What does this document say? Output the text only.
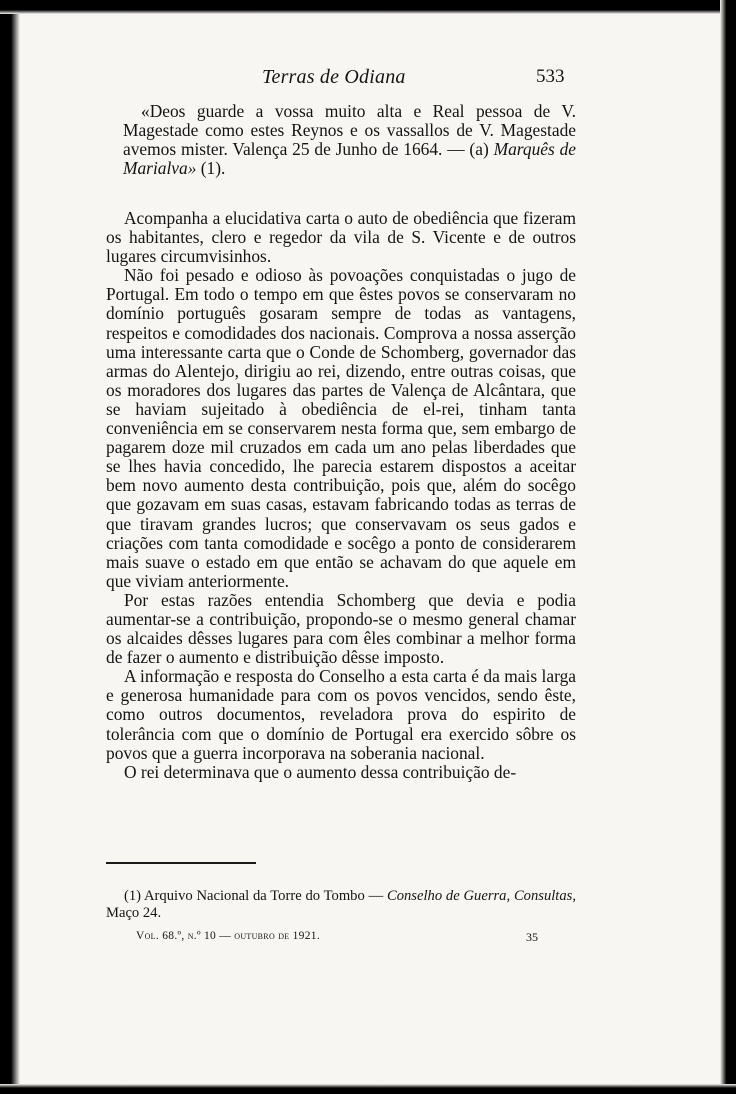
Terras de Odiana	533

«Deos guarde a vossa muito alta e Real pessoa de V. Magestade como estes Reynos e os vassallos de V. Magestade avemos mister. Valença 25 de Junho de 1664. — (a) Marquês de Marialva» (1).

Acompanha a elucidativa carta o auto de obediência que fizeram os habitantes, clero e regedor da vila de S. Vicente e de outros lugares circumvisinhos.

Não foi pesado e odioso às povoações conquistadas o jugo de Portugal. Em todo o tempo em que êstes povos se conservaram no domínio português gosaram sempre de todas as vantagens, respeitos e comodidades dos nacionais. Comprova a nossa asserção uma interessante carta que o Conde de Schomberg, governador das armas do Alentejo, dirigiu ao rei, dizendo, entre outras coisas, que os moradores dos lugares das partes de Valença de Alcântara, que se haviam sujeitado à obediência de el-rei, tinham tanta conveniência em se conservarem nesta forma que, sem embargo de pagarem doze mil cruzados em cada um ano pelas liberdades que se lhes havia concedido, lhe parecia estarem dispostos a aceitar bem novo aumento desta contribuição, pois que, além do socêgo que gozavam em suas casas, estavam fabricando todas as terras de que tiravam grandes lucros; que conservavam os seus gados e criações com tanta comodidade e socêgo a ponto de considerarem mais suave o estado em que então se achavam do que aquele em que viviam anteriormente.

Por estas razões entendia Schomberg que devia e podia aumentar-se a contribuição, propondo-se o mesmo general chamar os alcaides dêsses lugares para com êles combinar a melhor forma de fazer o aumento e distribuição dêsse imposto.

A informação e resposta do Conselho a esta carta é da mais larga e generosa humanidade para com os povos vencidos, sendo êste, como outros documentos, reveladora prova do espirito de tolerância com que o domínio de Portugal era exercido sôbre os povos que a guerra incorporava na soberania nacional.

O rei determinava que o aumento dessa contribuição de-

(1) Arquivo Nacional da Torre do Tombo — Conselho de Guerra, Consultas, Maço 24.

Vol. 68.º, n.º 10 — outubro de 1921.	35
